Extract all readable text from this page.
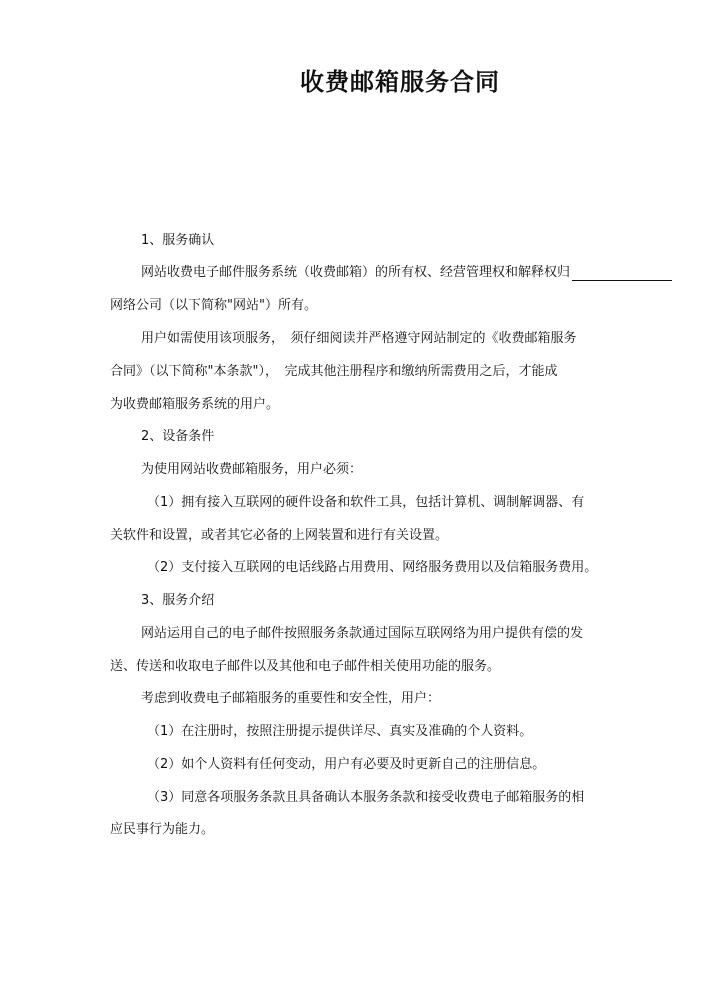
收费邮箱服务合同

1、服务确认

网站收费电子邮件服务系统（收费邮箱）的所有权、经营管理权和解释权归

网络公司（以下简称"网站"）所有。

用户如需使用该项服务，　须仔细阅读并严格遵守网站制定的《收费邮箱服务

合同》（以下简称"本条款"），　完成其他注册程序和缴纳所需费用之后，才能成

为收费邮箱服务系统的用户。

2、设备条件

为使用网站收费邮箱服务，用户必须：

（1）拥有接入互联网的硬件设备和软件工具，包括计算机、调制解调器、有

关软件和设置，或者其它必备的上网装置和进行有关设置。

（2）支付接入互联网的电话线路占用费用、网络服务费用以及信箱服务费用。

3、服务介绍

网站运用自己的电子邮件按照服务条款通过国际互联网络为用户提供有偿的发

送、传送和收取电子邮件以及其他和电子邮件相关使用功能的服务。

考虑到收费电子邮箱服务的重要性和安全性，用户：

（1）在注册时，按照注册提示提供详尽、真实及准确的个人资料。

（2）如个人资料有任何变动，用户有必要及时更新自己的注册信息。

（3）同意各项服务条款且具备确认本服务条款和接受收费电子邮箱服务的相

应民事行为能力。
